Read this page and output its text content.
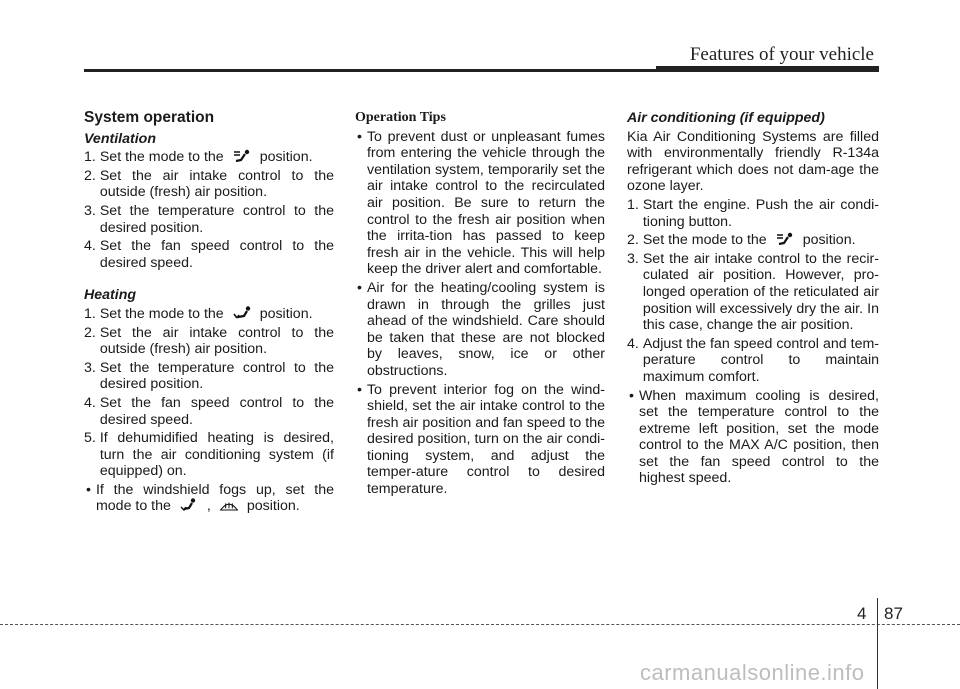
Features of your vehicle
System operation
Ventilation
1. Set the mode to the	position.
2. Set the air intake control to the outside (fresh) air position.
3. Set the temperature control to the desired position.
4. Set the fan speed control to the desired speed.
Heating
1. Set the mode to the	position.
2. Set the air intake control to the outside (fresh) air position.
3. Set the temperature control to the desired position.
4. Set the fan speed control to the desired speed.
5. If dehumidified heating is desired, turn the air conditioning system (if equipped) on.
• If the windshield fogs up, set the mode to the	,	position.
Operation Tips
• To prevent dust or unpleasant fumes from entering the vehicle through the ventilation system, temporarily set the air intake control to the recirculated air position. Be sure to return the control to the fresh air position when the irrita-tion has passed to keep fresh air in the vehicle. This will help keep the driver alert and comfortable.
• Air for the heating/cooling system is drawn in through the grilles just ahead of the windshield. Care should be taken that these are not blocked by leaves, snow, ice or other obstructions.
• To prevent interior fog on the wind-shield, set the air intake control to the fresh air position and fan speed to the desired position, turn on the air condi-tioning system, and adjust the temper-ature control to desired temperature.
Air conditioning (if equipped)
Kia Air Conditioning Systems are filled with environmentally friendly R-134a refrigerant which does not dam-age the ozone layer.
1. Start the engine. Push the air condi-tioning button.
2. Set the mode to the	position.
3. Set the air intake control to the recir-culated air position. However, pro-longed operation of the reticulated air position will excessively dry the air. In this case, change the air position.
4. Adjust the fan speed control and tem-perature control to maintain maximum comfort.
• When maximum cooling is desired, set the temperature control to the extreme left position, set the mode control to the MAX A/C position, then set the fan speed control to the highest speed.
4 87
carmanualsonline.info
